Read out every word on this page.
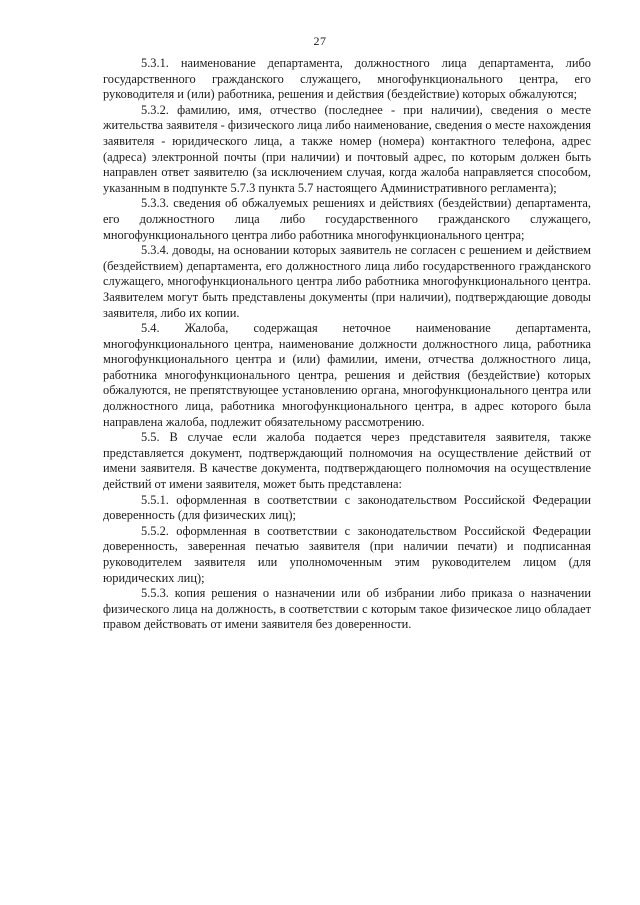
27

5.3.1. наименование департамента, должностного лица департамента, либо государственного гражданского служащего, многофункционального центра, его руководителя и (или) работника, решения и действия (бездействие) которых обжалуются;

5.3.2. фамилию, имя, отчество (последнее - при наличии), сведения о месте жительства заявителя - физического лица либо наименование, сведения о месте нахождения заявителя - юридического лица, а также номер (номера) контактного телефона, адрес (адреса) электронной почты (при наличии) и почтовый адрес, по которым должен быть направлен ответ заявителю (за исключением случая, когда жалоба направляется способом, указанным в подпункте 5.7.3 пункта 5.7 настоящего Административного регламента);

5.3.3. сведения об обжалуемых решениях и действиях (бездействии) департамента, его должностного лица либо государственного гражданского служащего, многофункционального центра либо работника многофункционального центра;

5.3.4. доводы, на основании которых заявитель не согласен с решением и действием (бездействием) департамента, его должностного лица либо государственного гражданского служащего, многофункционального центра либо работника многофункционального центра. Заявителем могут быть представлены документы (при наличии), подтверждающие доводы заявителя, либо их копии.

5.4. Жалоба, содержащая неточное наименование департамента, многофункционального центра, наименование должности должностного лица, работника многофункционального центра и (или) фамилии, имени, отчества должностного лица, работника многофункционального центра, решения и действия (бездействие) которых обжалуются, не препятствующее установлению органа, многофункционального центра или должностного лица, работника многофункционального центра, в адрес которого была направлена жалоба, подлежит обязательному рассмотрению.

5.5. В случае если жалоба подается через представителя заявителя, также представляется документ, подтверждающий полномочия на осуществление действий от имени заявителя. В качестве документа, подтверждающего полномочия на осуществление действий от имени заявителя, может быть представлена:

5.5.1. оформленная в соответствии с законодательством Российской Федерации доверенность (для физических лиц);

5.5.2. оформленная в соответствии с законодательством Российской Федерации доверенность, заверенная печатью заявителя (при наличии печати) и подписанная руководителем заявителя или уполномоченным этим руководителем лицом (для юридических лиц);

5.5.3. копия решения о назначении или об избрании либо приказа о назначении физического лица на должность, в соответствии с которым такое физическое лицо обладает правом действовать от имени заявителя без доверенности.
